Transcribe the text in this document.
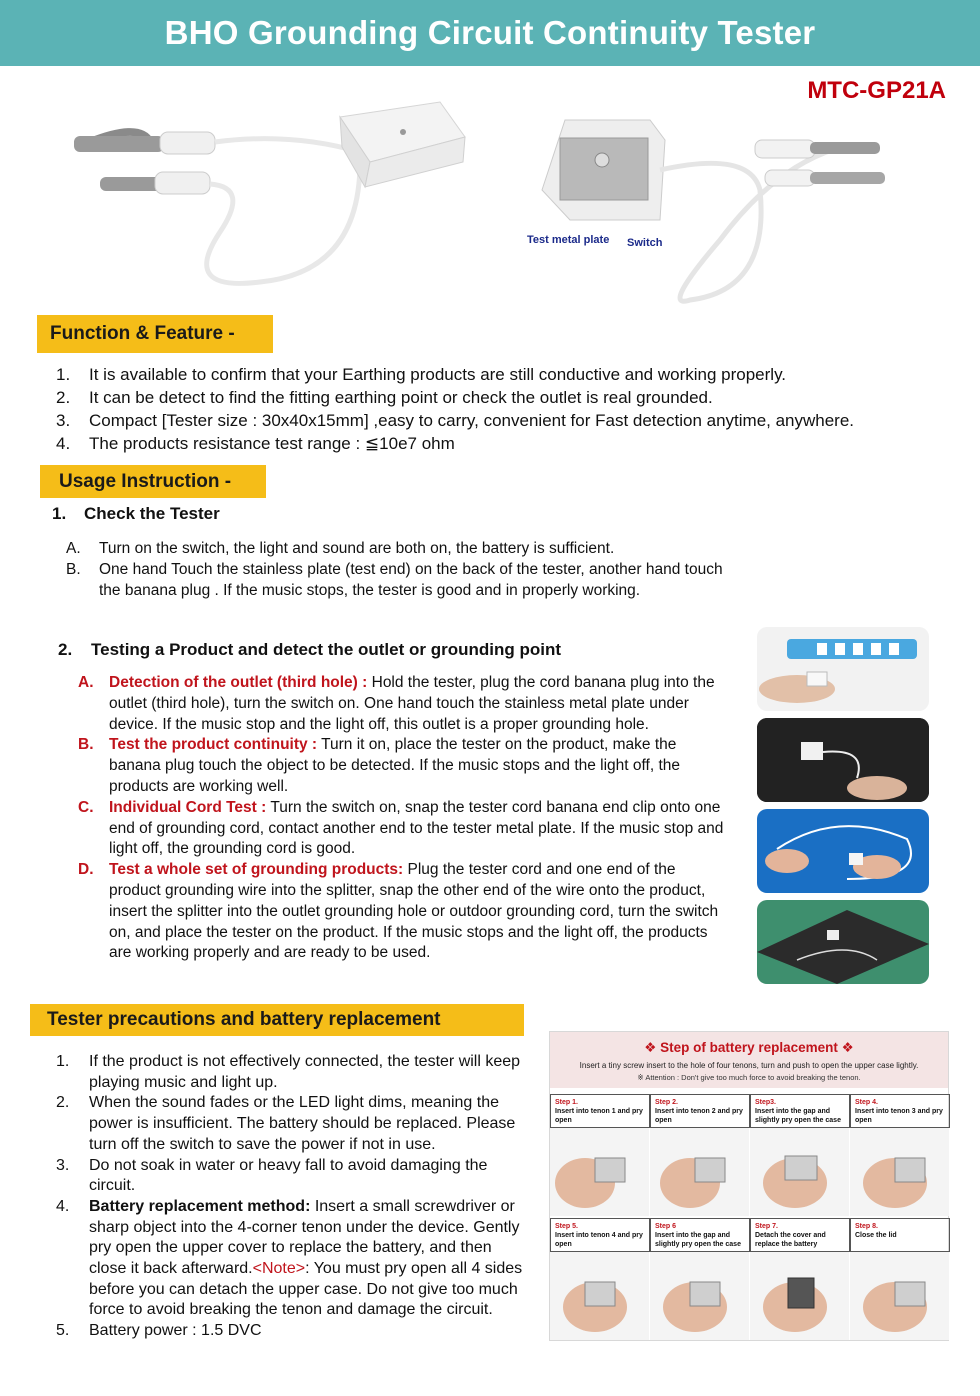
BHO Grounding Circuit Continuity Tester
MTC-GP21A
Test metal plate Switch
Function & Feature -
1. It is available to confirm that your Earthing products are still conductive and working properly.
2. It can be detect to find the fitting earthing point or check the outlet is real grounded.
3. Compact [Tester size : 30x40x15mm] ,easy to carry, convenient for Fast detection anytime, anywhere.
4. The products resistance test range : ≦10e7 ohm
Usage Instruction -
1. Check the Tester
A. Turn on the switch, the light and sound are both on, the battery is sufficient.
B. One hand Touch the stainless plate (test end) on the back of the tester, another hand touch the banana plug . If the music stops, the tester is good and in properly working.
2. Testing a Product and detect the outlet or grounding point
A. Detection of the outlet (third hole) : Hold the tester, plug the cord banana plug into the outlet (third hole), turn the switch on. One hand touch the stainless metal plate under device. If the music stop and the light off, this outlet is a proper grounding hole.
B. Test the product continuity : Turn it on, place the tester on the product, make the banana plug touch the object to be detected. If the music stops and the light off, the products are working well.
C. Individual Cord Test : Turn the switch on, snap the tester cord banana end clip onto one end of grounding cord, contact another end to the tester metal plate. If the music stop and light off, the grounding cord is good.
D. Test a whole set of grounding products: Plug the tester cord and one end of the product grounding wire into the splitter, snap the other end of the wire onto the product, insert the splitter into the outlet grounding hole or outdoor grounding cord, turn the switch on, and place the tester on the product. If the music stops and the light off, the products are working properly and are ready to be used.
Tester precautions and battery replacement
1. If the product is not effectively connected, the tester will keep playing music and light up.
2. When the sound fades or the LED light dims, meaning the power is insufficient. The battery should be replaced. Please turn off the switch to save the power if not in use.
3. Do not soak in water or heavy fall to avoid damaging the circuit.
4. Battery replacement method: Insert a small screwdriver or sharp object into the 4-corner tenon under the device. Gently pry open the upper cover to replace the battery, and then close it back afterward.<Note>: You must pry open all 4 sides before you can detach the upper case. Do not give too much force to avoid breaking the tenon and damage the circuit.
5. Battery power : 1.5 DVC
❖ Step of battery replacement ❖
Insert a tiny screw insert to the hole of four tenons, turn and push to open the upper case lightly.
※ Attention : Don't give too much force to avoid breaking the tenon.
Step 1.
Insert into tenon 1 and pry open
Step 2.
Insert into tenon 2 and pry open
Step3.
Insert into the gap and slightly pry open the case
Step 4.
Insert into tenon 3 and pry open
Step 5.
Insert into tenon 4 and pry open
Step 6
Insert into the gap and slightly pry open the case
Step 7.
Detach the cover and replace the battery
Step 8.
Close the lid
